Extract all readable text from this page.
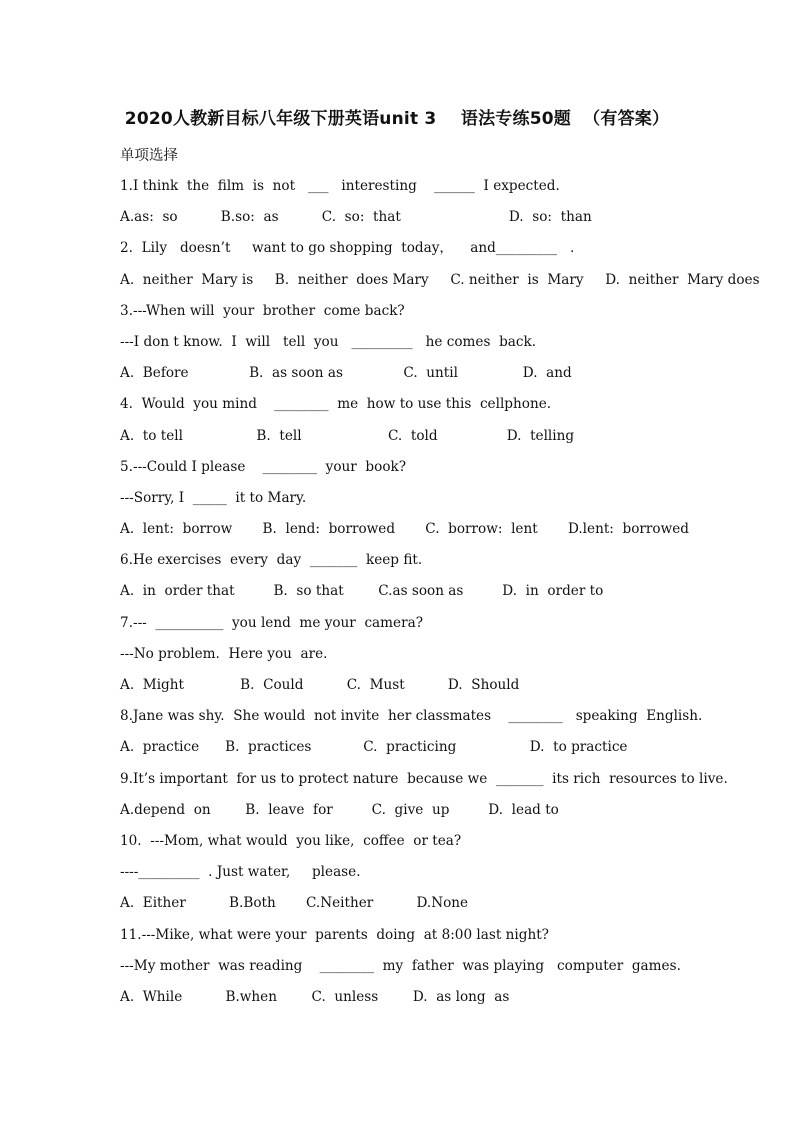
2020人教新目标八年级下册英语unit 3    语法专练50题  （有答案）
单项选择
1.I think  the  film  is  not   ___   interesting    ______  I expected.
A.as:  so          B.so:  as          C.  so:  that                         D.  so:  than
2.  Lily   doesn’t     want to go shopping  today，    and_________   .
A.  neither  Mary is     B.  neither  does Mary     C. neither  is  Mary     D.  neither  Mary does
3.---When will  your  brother  come back?
---I don t know.  I  will   tell  you   _________   he comes  back.
A.  Before              B.  as soon as              C.  until               D.  and
4.  Would  you mind    ________  me  how to use this  cellphone.
A.  to tell                 B.  tell                    C.  told                D.  telling
5.---Could I please    ________  your  book?
---Sorry, I  _____  it to Mary.
A.  lent:  borrow       B.  lend:  borrowed       C.  borrow:  lent       D.lent:  borrowed
6.He exercises  every  day  _______  keep fit.
A.  in  order that         B.  so that        C.as soon as         D.  in  order to
7.---  __________  you lend  me your  camera?
---No problem.  Here you  are.
A.  Might             B.  Could          C.  Must          D.  Should
8.Jane was shy.  She would  not invite  her classmates    ________   speaking  English.
A.  practice      B.  practices            C.  practicing                 D.  to practice
9.It’s important  for us to protect nature  because we  _______  its rich  resources to live.
A.depend  on        B.  leave  for         C.  give  up         D.  lead to
10.  ---Mom, what would  you like,  coffee  or tea?
----_________  . Just water,     please.
A.  Either          B.Both       C.Neither          D.None
11.---Mike, what were your  parents  doing  at 8:00 last night?
---My mother  was reading    ________  my  father  was playing   computer  games.
A.  While          B.when        C.  unless        D.  as long  as
